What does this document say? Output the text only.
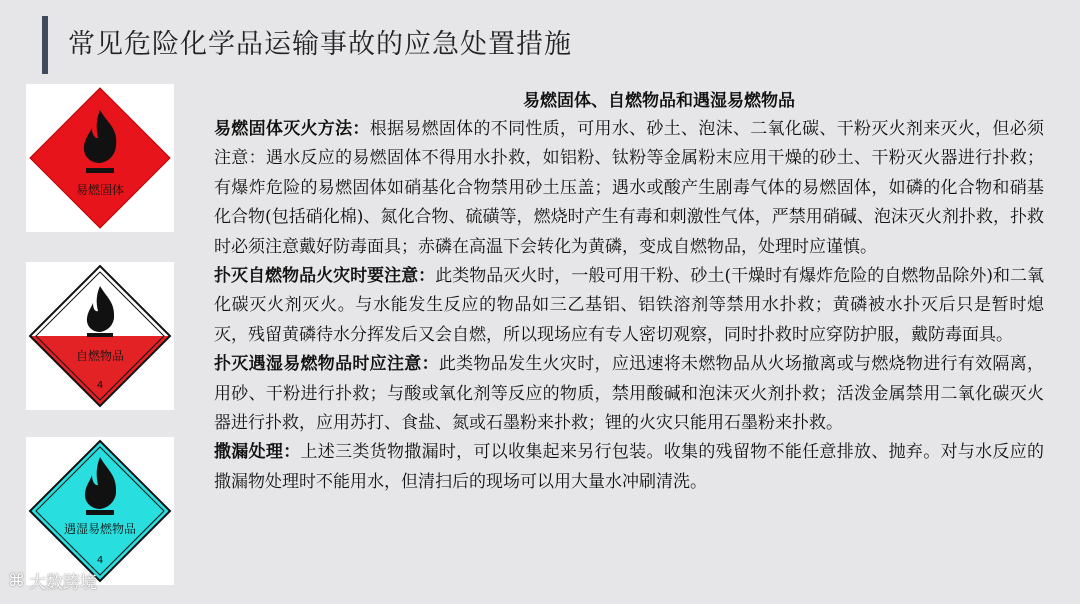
常见危险化学品运输事故的应急处置措施
易燃固体
自燃物品
4
遇湿易燃物品
4
易燃固体、自燃物品和遇湿易燃物品

易燃固体灭火方法：根据易燃固体的不同性质，可用水、砂土、泡沫、二氧化碳、干粉灭火剂来灭火，但必须注意：遇水反应的易燃固体不得用水扑救，如铝粉、钛粉等金属粉末应用干燥的砂土、干粉灭火器进行扑救；有爆炸危险的易燃固体如硝基化合物禁用砂土压盖；遇水或酸产生剧毒气体的易燃固体，如磷的化合物和硝基化合物(包括硝化棉)、氮化合物、硫磺等，燃烧时产生有毒和刺激性气体，严禁用硝碱、泡沫灭火剂扑救，扑救时必须注意戴好防毒面具；赤磷在高温下会转化为黄磷，变成自燃物品，处理时应谨慎。

扑灭自燃物品火灾时要注意：此类物品灭火时，一般可用干粉、砂土(干燥时有爆炸危险的自燃物品除外)和二氧化碳灭火剂灭火。与水能发生反应的物品如三乙基铝、铝铁溶剂等禁用水扑救；黄磷被水扑灭后只是暂时熄灭，残留黄磷待水分挥发后又会自燃，所以现场应有专人密切观察，同时扑救时应穿防护服，戴防毒面具。

扑灭遇湿易燃物品时应注意：此类物品发生火灾时，应迅速将未燃物品从火场撤离或与燃烧物进行有效隔离，用砂、干粉进行扑救；与酸或氧化剂等反应的物质，禁用酸碱和泡沫灭火剂扑救；活泼金属禁用二氧化碳灭火器进行扑救，应用苏打、食盐、氮或石墨粉来扑救；锂的火灾只能用石墨粉来扑救。

撒漏处理：上述三类货物撒漏时，可以收集起来另行包装。收集的残留物不能任意排放、抛弃。对与水反应的撒漏物处理时不能用水，但清扫后的现场可以用大量水冲刷清洗。

⌘ 大数跨境
